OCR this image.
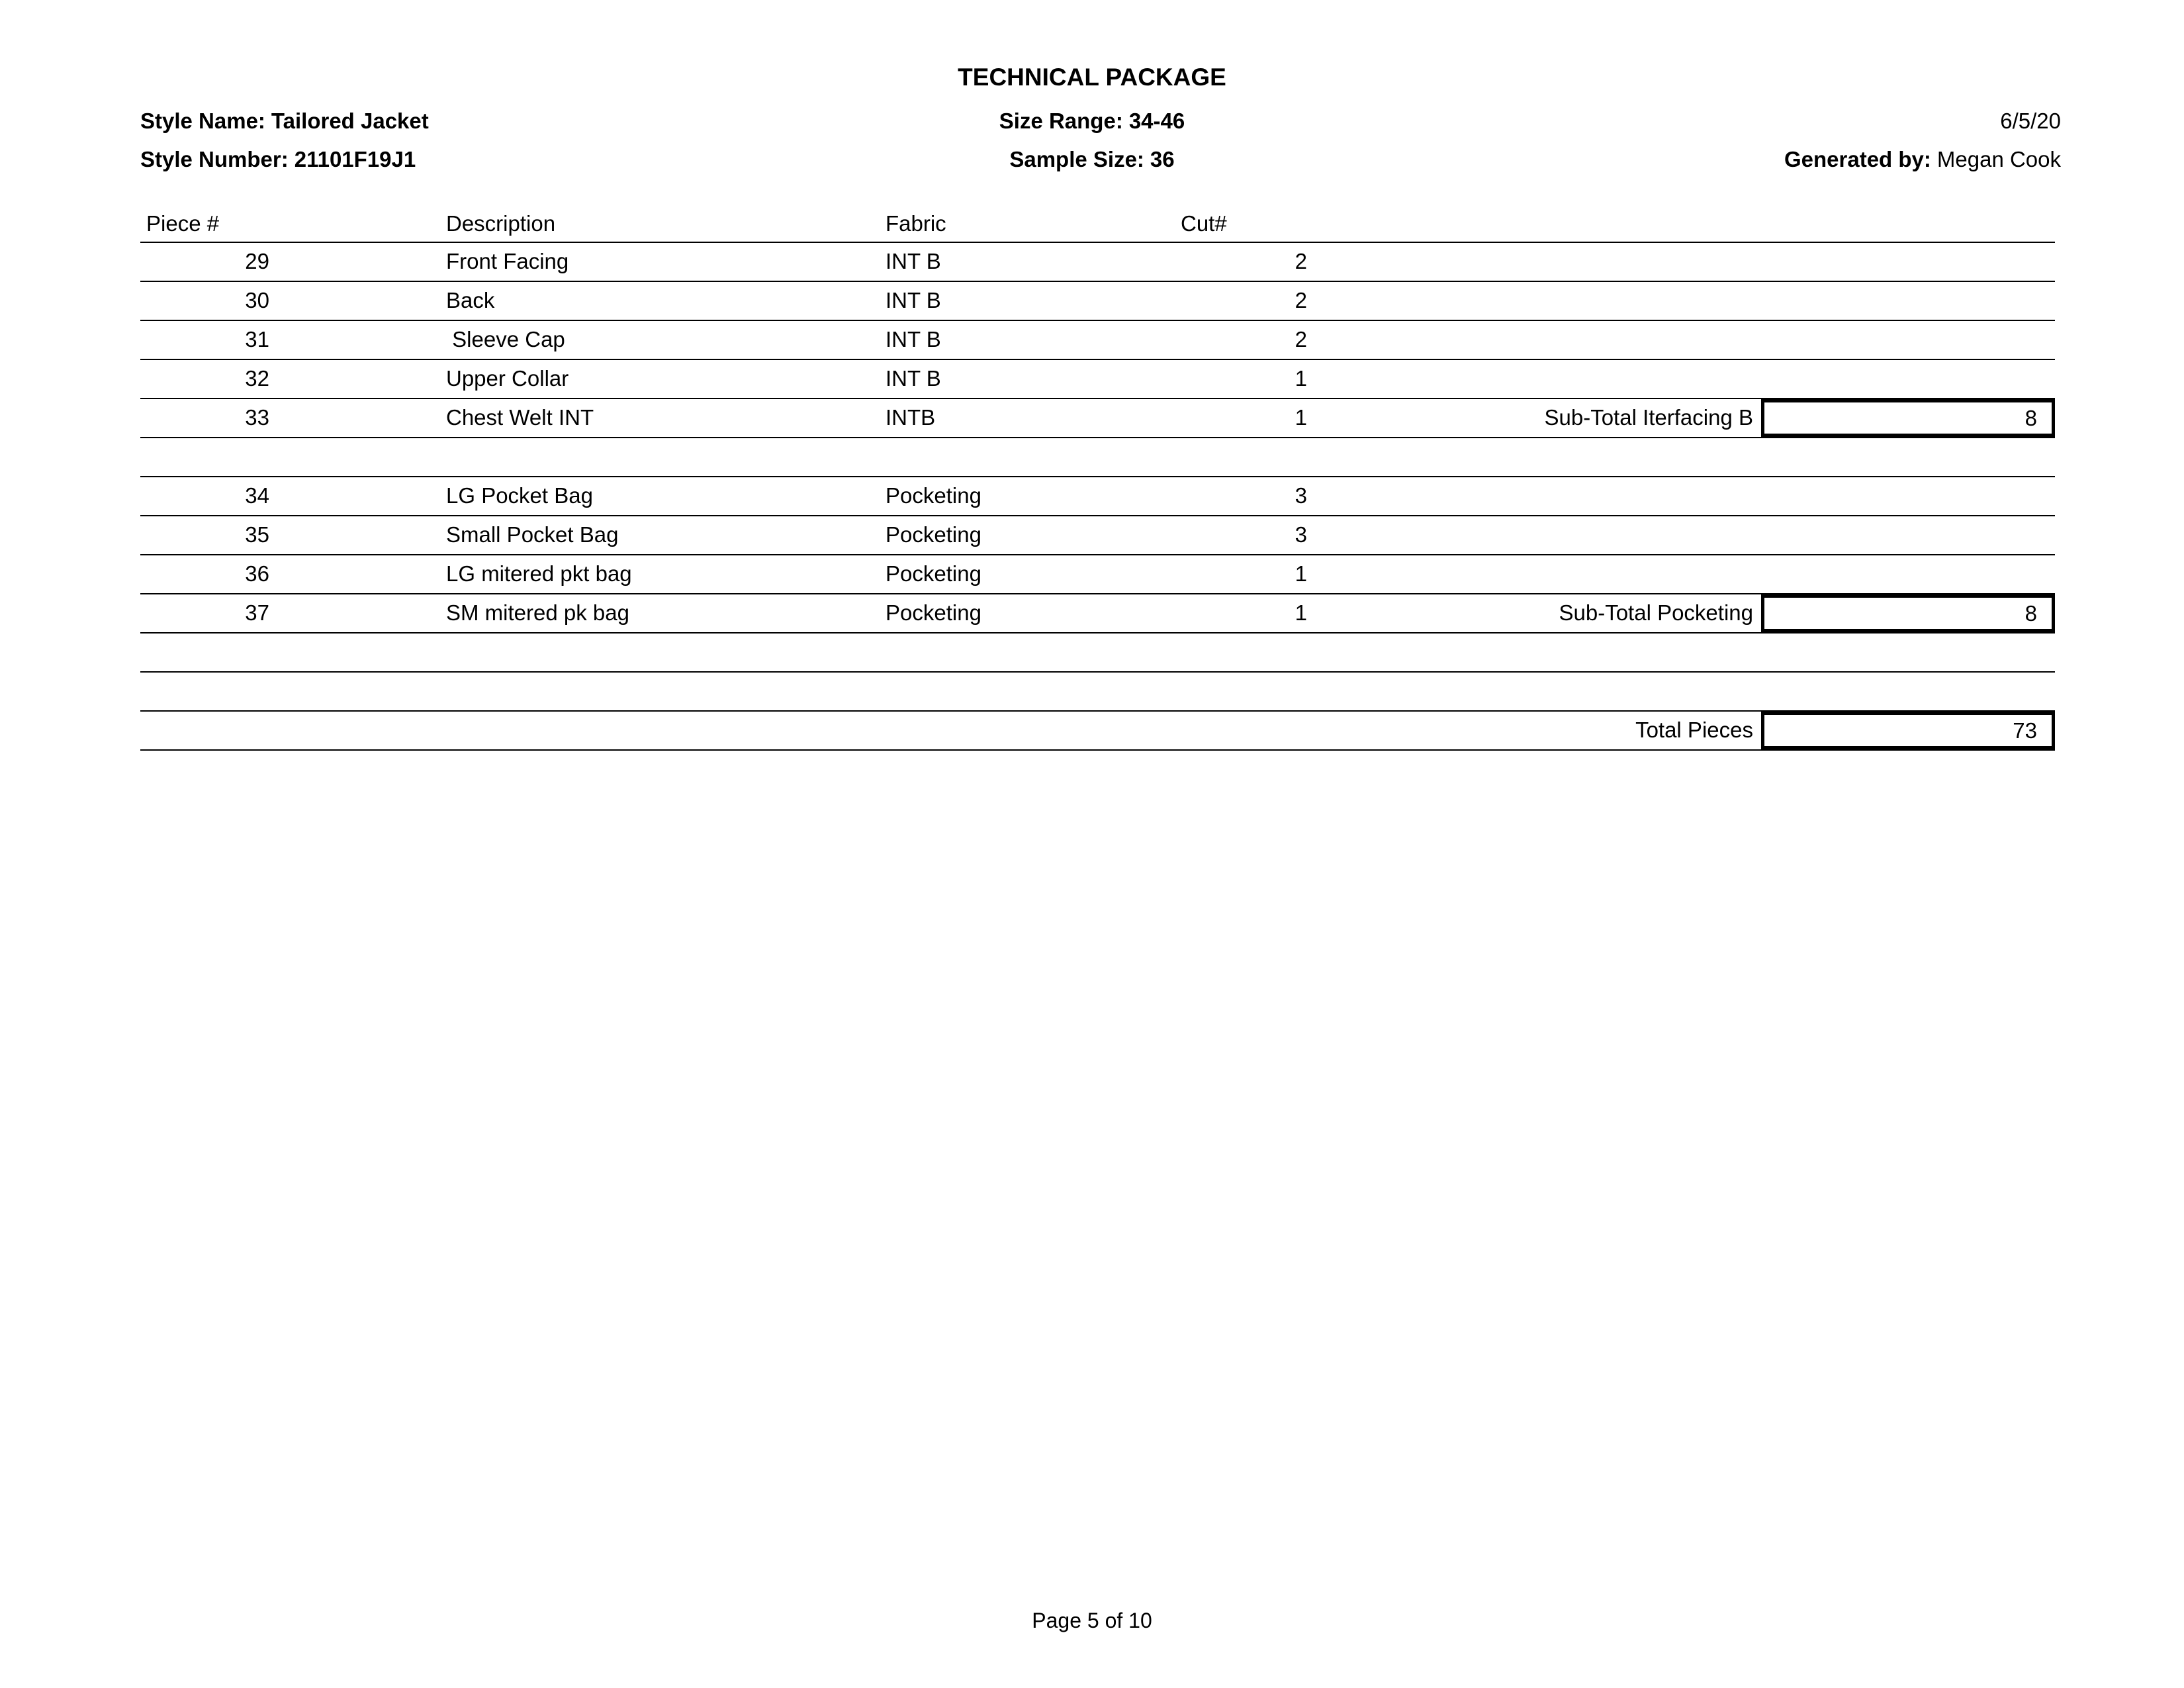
TECHNICAL PACKAGE
Style Name: Tailored Jacket
Style Number: 21101F19J1
Size Range: 34-46
Sample Size: 36
6/5/20
Generated by: Megan Cook
Piece #	Description	Fabric	Cut#
29	Front Facing	INT B	2
30	Back	INT B	2
31	Sleeve Cap	INT B	2
32	Upper Collar	INT B	1
33	Chest Welt INT	INTB	1	Sub-Total Iterfacing B	8
34	LG Pocket Bag	Pocketing	3
35	Small Pocket Bag	Pocketing	3
36	LG mitered pkt bag	Pocketing	1
37	SM mitered pk bag	Pocketing	1	Sub-Total Pocketing	8
Total Pieces	73
Page 5 of 10
